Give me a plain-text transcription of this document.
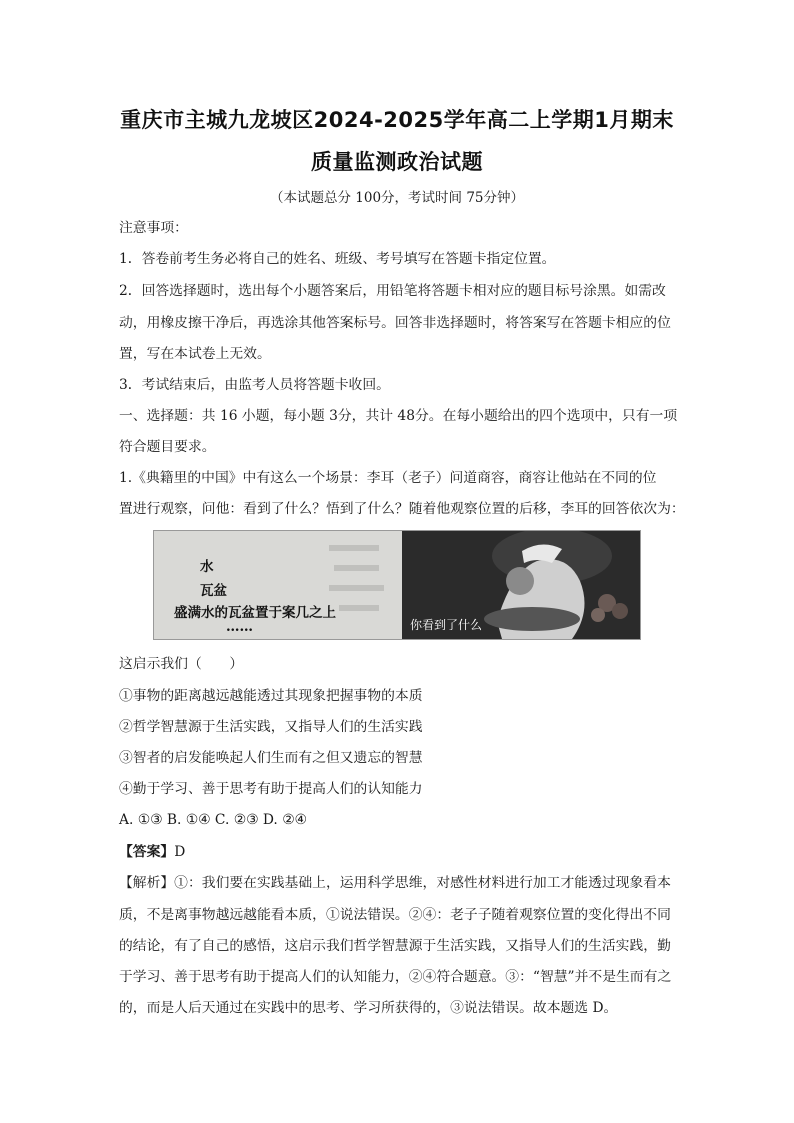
重庆市主城九龙坡区2024-2025学年高二上学期1月期末
质量监测政治试题
（本试题总分 100分，考试时间 75分钟）
注意事项：
1．答卷前考生务必将自己的姓名、班级、考号填写在答题卡指定位置。
2．回答选择题时，选出每个小题答案后，用铅笔将答题卡相对应的题目标号涂黑。如需改
动，用橡皮擦干净后，再选涂其他答案标号。回答非选择题时，将答案写在答题卡相应的位
置，写在本试卷上无效。
3．考试结束后，由监考人员将答题卡收回。
一、选择题：共 16 小题，每小题 3分，共计 48分。在每小题给出的四个选项中，只有一项
符合题目要求。
1.《典籍里的中国》中有这么一个场景：李耳（老子）问道商容，商容让他站在不同的位
置进行观察，问他：看到了什么？悟到了什么？随着他观察位置的后移，李耳的回答依次为：
水
瓦盆
盛满水的瓦盆置于案几之上
……	你看到了什么
这启示我们（　　）
①事物的距离越远越能透过其现象把握事物的本质
②哲学智慧源于生活实践，又指导人们的生活实践
③智者的启发能唤起人们生而有之但又遗忘的智慧
④勤于学习、善于思考有助于提高人们的认知能力
A. ①③ B. ①④ C. ②③ D. ②④
【答案】D
【解析】①：我们要在实践基础上，运用科学思维，对感性材料进行加工才能透过现象看本
质，不是离事物越远越能看本质，①说法错误。②④：老子子随着观察位置的变化得出不同
的结论，有了自己的感悟，这启示我们哲学智慧源于生活实践，又指导人们的生活实践，勤
于学习、善于思考有助于提高人们的认知能力，②④符合题意。③：“智慧”并不是生而有之
的，而是人后天通过在实践中的思考、学习所获得的，③说法错误。故本题选 D。
